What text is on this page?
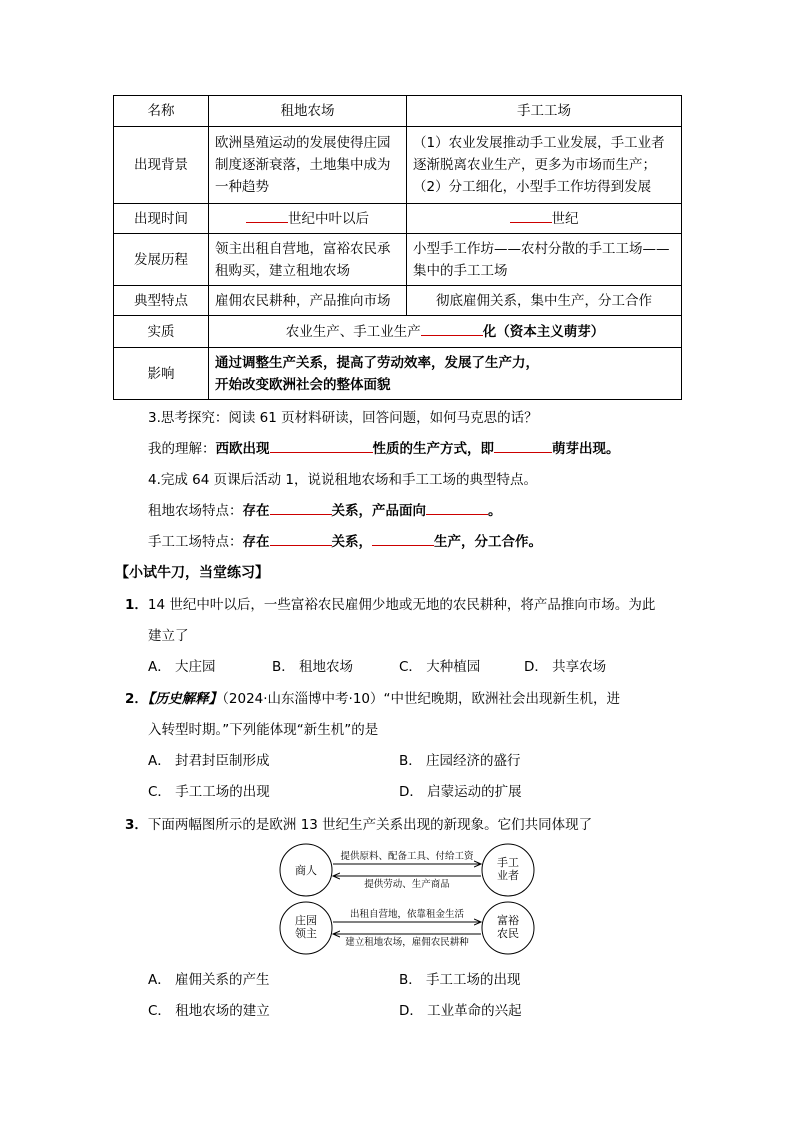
名称	租地农场	手工工场
出现背景	欧洲垦殖运动的发展使得庄园制度逐渐衰落，土地集中成为一种趋势	（1）农业发展推动手工业发展，手工业者逐渐脱离农业生产，更多为市场而生产；
（2）分工细化，小型手工作坊得到发展
出现时间	世纪中叶以后	世纪
发展历程	领主出租自营地，富裕农民承租购买，建立租地农场	小型手工作坊——农村分散的手工工场——集中的手工工场
典型特点	雇佣农民耕种，产品推向市场	彻底雇佣关系，集中生产，分工合作
实质	农业生产、手工业生产 化（资本主义萌芽）	
影响	通过调整生产关系，提高了劳动效率，发展了生产力，
开始改变欧洲社会的整体面貌	
3.思考探究：阅读 61 页材料研读，回答问题，如何马克思的话？
我的理解：西欧出现	性质的生产方式，即	萌芽出现。
4.完成 64 页课后活动 1，说说租地农场和手工工场的典型特点。
租地农场特点：存在	关系，产品面向	。
手工工场特点：存在	关系，	生产，分工合作。
【小试牛刀，当堂练习】
1．14 世纪中叶以后，一些富裕农民雇佣少地或无地的农民耕种，将产品推向市场。为此
建立了
A． 大庄园	B． 租地农场	C． 大种植园	D． 共享农场
2．【历史解释】（2024·山东淄博中考·10）“中世纪晚期，欧洲社会出现新生机，进
入转型时期。”下列能体现“新生机”的是
A． 封君封臣制形成	B． 庄园经济的盛行
C． 手工工场的出现	D． 启蒙运动的扩展
3．下面两幅图所示的是欧洲 13 世纪生产关系出现的新现象。它们共同体现了
商人
手工
业者
提供原料、配备工具、付给工资
提供劳动、生产商品
庄园
领主
富裕
农民
出租自营地，依靠租金生活
建立租地农场，雇佣农民耕种
A． 雇佣关系的产生	B． 手工工场的出现
C． 租地农场的建立	D． 工业革命的兴起
